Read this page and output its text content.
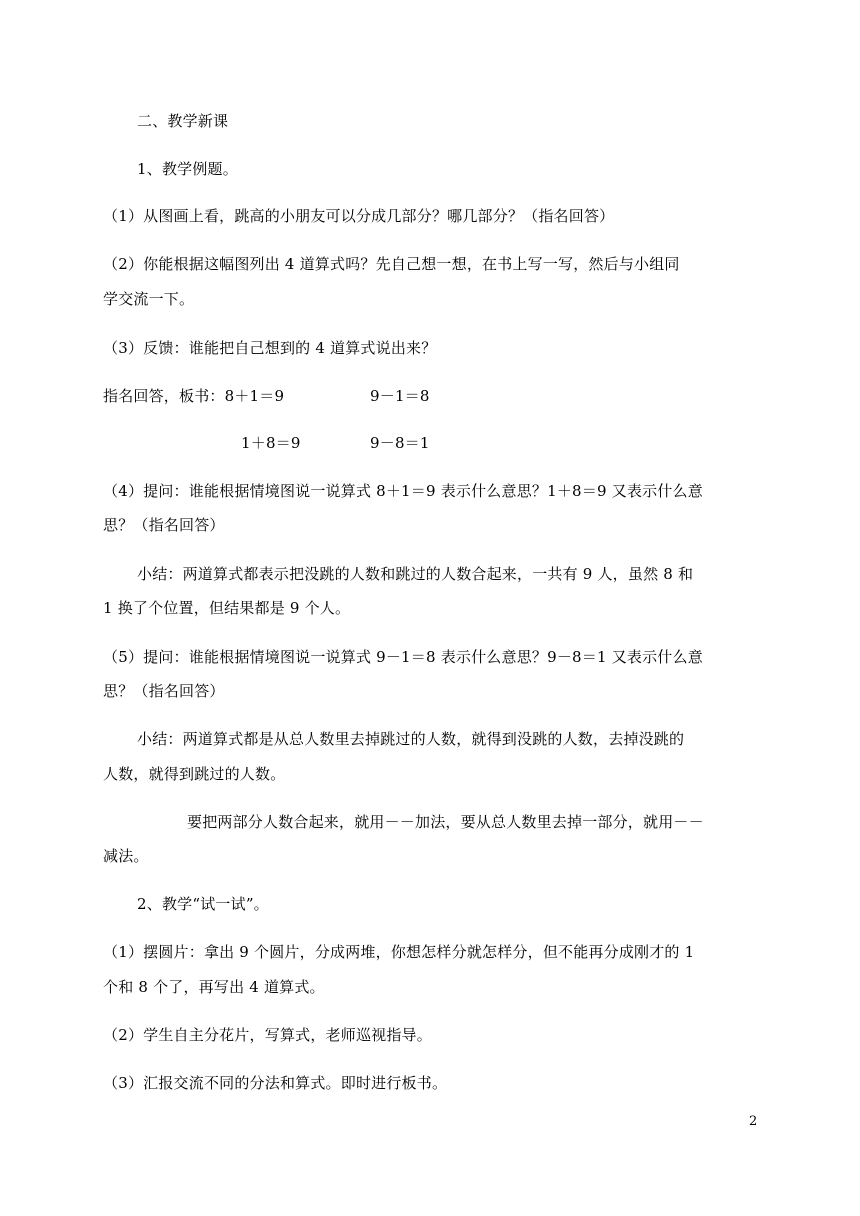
二、教学新课
1、教学例题。
（1）从图画上看，跳高的小朋友可以分成几部分？哪几部分？（指名回答）
（2）你能根据这幅图列出 4 道算式吗？先自己想一想，在书上写一写，然后与小组同
学交流一下。
（3）反馈：谁能把自己想到的 4 道算式说出来？
指名回答，板书：8＋1＝9	9－1＝8
1＋8＝9	9－8＝1
（4）提问：谁能根据情境图说一说算式 8＋1＝9 表示什么意思？1＋8＝9 又表示什么意
思？（指名回答）
小结：两道算式都表示把没跳的人数和跳过的人数合起来，一共有 9 人，虽然 8 和
1 换了个位置，但结果都是 9 个人。
（5）提问：谁能根据情境图说一说算式 9－1＝8 表示什么意思？9－8＝1 又表示什么意
思？（指名回答）
小结：两道算式都是从总人数里去掉跳过的人数，就得到没跳的人数，去掉没跳的
人数，就得到跳过的人数。
要把两部分人数合起来，就用－－加法，要从总人数里去掉一部分，就用－－
减法。
2、教学“试一试”。
（1）摆圆片：拿出 9 个圆片，分成两堆，你想怎样分就怎样分，但不能再分成刚才的 1
个和 8 个了，再写出 4 道算式。
（2）学生自主分花片，写算式，老师巡视指导。
（3）汇报交流不同的分法和算式。即时进行板书。
2
